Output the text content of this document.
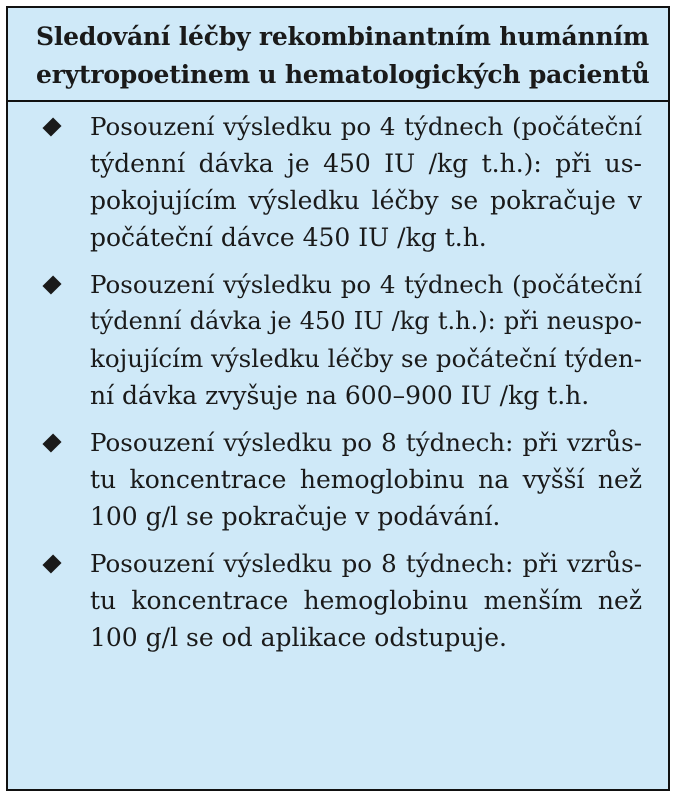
Sledování léčby rekombinantním humánním
erytropoetinem u hematologických pacientů
Posouzení výsledku po 4 týdnech (počáteční
týdenní dávka je 450 IU /kg t.h.): při us-
pokojujícím výsledku léčby se pokračuje v
počáteční dávce 450 IU /kg t.h.
Posouzení výsledku po 4 týdnech (počáteční
týdenní dávka je 450 IU /kg t.h.): při neuspo-
kojujícím výsledku léčby se počáteční týden-
ní dávka zvyšuje na 600–900 IU /kg t.h.
Posouzení výsledku po 8 týdnech: při vzrůs-
tu koncentrace hemoglobinu na vyšší než
100 g/l se pokračuje v podávání.
Posouzení výsledku po 8 týdnech: při vzrůs-
tu koncentrace hemoglobinu menším než
100 g/l se od aplikace odstupuje.
